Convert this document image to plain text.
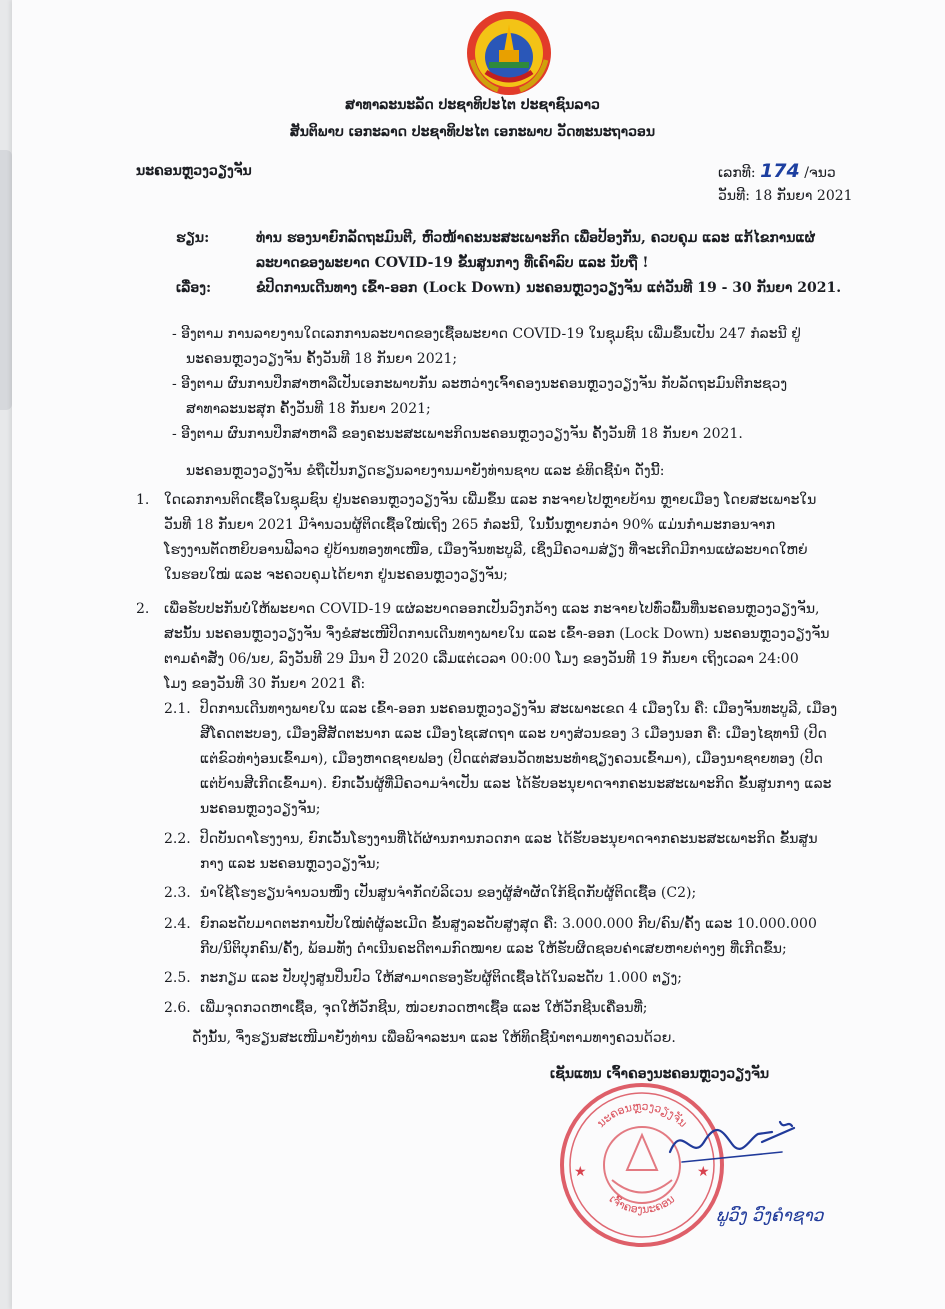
ສາທາລະນະລັດ ປະຊາທິປະໄຕ ປະຊາຊົນລາວ
ສັນຕິພາບ ເອກະລາດ ປະຊາທິປະໄຕ ເອກະພາບ ວັດທະນະຖາວອນ
ນະຄອນຫຼວງວຽງຈັນ	ເລກທີ: 174 /ຈນວ
ວັນທີ: 18 ກັນຍາ 2021
ຮຽນ:	ທ່ານ ຮອງນາຍົກລັດຖະມົນຕີ, ຫົວໜ້າຄະນະສະເພາະກິດ ເພື່ອປ້ອງກັນ, ຄວບຄຸມ ແລະ ແກ້ໄຂການແຜ່
ລະບາດຂອງພະຍາດ COVID-19 ຂັ້ນສູນກາງ ທີ່ເຄົາລົບ ແລະ ນັບຖື !
ເລື່ອງ:	ຂໍປິດການເດີນທາງ ເຂົ້າ-ອອກ (Lock Down) ນະຄອນຫຼວງວຽງຈັນ ແຕ່ວັນທີ 19 - 30 ກັນຍາ 2021.
- ອີງຕາມ ການລາຍງານໃດເລກການລະບາດຂອງເຊື້ອພະຍາດ COVID-19 ໃນຊຸມຊົນ ເພີ່ມຂຶ້ນເປັນ 247 ກໍລະນີ ຢູ່
ນະຄອນຫຼວງວຽງຈັນ ຄັ້ງວັນທີ 18 ກັນຍາ 2021;
- ອີງຕາມ ຜົນການປຶກສາຫາລືເປັນເອກະພາບກັນ ລະຫວ່າງເຈົ້າຄອງນະຄອນຫຼວງວຽງຈັນ ກັບລັດຖະມົນຕີກະຊວງ
ສາທາລະນະສຸກ ຄັ້ງວັນທີ 18 ກັນຍາ 2021;
- ອີງຕາມ ຜົນການປຶກສາຫາລື ຂອງຄະນະສະເພາະກິດນະຄອນຫຼວງວຽງຈັນ ຄັ້ງວັນທີ 18 ກັນຍາ 2021.
ນະຄອນຫຼວງວຽງຈັນ ຂໍຖືເປັນກຽດຮຽນລາຍງານມາຍັງທ່ານຊາບ ແລະ ຂໍທິດຊີ້ນຳ ດັ່ງນີ້:
1. ໃດເລກການຕິດເຊື້ອໃນຊຸມຊົນ ຢູ່ນະຄອນຫຼວງວຽງຈັນ ເພີ່ມຂຶ້ນ ແລະ ກະຈາຍໄປຫຼາຍບ້ານ ຫຼາຍເມືອງ ໂດຍສະເພາະໃນ
ວັນທີ 18 ກັນຍາ 2021 ມີຈຳນວນຜູ້ຕິດເຊື້ອໃໝ່ເຖິງ 265 ກໍລະນີ, ໃນນັ້ນຫຼາຍກວ່າ 90% ແມ່ນກຳມະກອນຈາກ
ໂຮງງານຕັດຫຍິບອານຟີລາວ ຢູ່ບ້ານທອງທາເໜືອ, ເມືອງຈັນທະບູລີ, ເຊິ່ງມີຄວາມສ່ຽງ ທີ່ຈະເກີດມີການແຜ່ລະບາດໃຫຍ່
ໃນຮອບໃໝ່ ແລະ ຈະຄວບຄຸມໄດ້ຍາກ ຢູ່ນະຄອນຫຼວງວຽງຈັນ;
2. ເພື່ອຮັບປະກັນບໍ່ໃຫ້ພະຍາດ COVID-19 ແຜ່ລະບາດອອກເປັນວົງກວ້າງ ແລະ ກະຈາຍໄປທົ່ວພື້ນທີ່ນະຄອນຫຼວງວຽງຈັນ,
ສະນັ້ນ ນະຄອນຫຼວງວຽງຈັນ ຈຶ່ງຂໍສະເໜີປິດການເດີນທາງພາຍໃນ ແລະ ເຂົ້າ-ອອກ (Lock Down) ນະຄອນຫຼວງວຽງຈັນ
ຕາມຄຳສັ່ງ 06/ນຍ, ລົງວັນທີ 29 ມີນາ ປີ 2020 ເລີ່ມແຕ່ເວລາ 00:00 ໂມງ ຂອງວັນທີ 19 ກັນຍາ ເຖິງເວລາ 24:00
ໂມງ ຂອງວັນທີ 30 ກັນຍາ 2021 ຄື:
2.1. ປິດການເດີນທາງພາຍໃນ ແລະ ເຂົ້າ-ອອກ ນະຄອນຫຼວງວຽງຈັນ ສະເພາະເຂດ 4 ເມືອງໃນ ຄື: ເມືອງຈັນທະບູລີ, ເມືອງ
ສີໂຄດຕະບອງ, ເມືອງສີສັດຕະນາກ ແລະ ເມືອງໄຊເສດຖາ ແລະ ບາງສ່ວນຂອງ 3 ເມືອງນອກ ຄື: ເມືອງໄຊທານີ (ປິດ
ແຕ່ຂົວທ່າງ່ອນເຂົ້າມາ), ເມືອງຫາດຊາຍຟອງ (ປິດແຕ່ສອນວັດທະນະທຳຊຽງຄວນເຂົ້າມາ), ເມືອງນາຊາຍທອງ (ປິດ
ແຕ່ບ້ານສີເກີດເຂົ້າມາ). ຍົກເວັ້ນຜູ້ທີ່ມີຄວາມຈຳເປັນ ແລະ ໄດ້ຮັບອະນຸຍາດຈາກຄະນະສະເພາະກິດ ຂັ້ນສູນກາງ ແລະ
ນະຄອນຫຼວງວຽງຈັນ;
2.2. ປິດບັນດາໂຮງງານ, ຍົກເວັ້ນໂຮງງານທີ່ໄດ້ຜ່ານການກວດກາ ແລະ ໄດ້ຮັບອະນຸຍາດຈາກຄະນະສະເພາະກິດ ຂັ້ນສູນ
ກາງ ແລະ ນະຄອນຫຼວງວຽງຈັນ;
2.3. ນຳໃຊ້ໂຮງຮຽນຈຳນວນໜຶ່ງ ເປັນສູນຈຳກັດບໍລິເວນ ຂອງຜູ້ສຳຜັດໃກ້ຊິດກັບຜູ້ຕິດເຊື້ອ (C2);
2.4. ຍົກລະດັບມາດຕະການປັບໃໝ່ຕໍ່ຜູ້ລະເມີດ ຂັ້ນສູງລະດັບສູງສຸດ ຄື: 3.000.000 ກີບ/ຄົນ/ຄັ້ງ ແລະ 10.000.000
ກີບ/ນິຕິບຸກຄົນ/ຄັ້ງ, ພ້ອມທັງ ດຳເນີນຄະດີຕາມກົດໝາຍ ແລະ ໃຫ້ຮັບຜິດຊອບຄ່າເສຍຫາຍຕ່າງໆ ທີ່ເກີດຂຶ້ນ;
2.5. ກະກຽມ ແລະ ປັບປຸງສູນປິ່ນປົວ ໃຫ້ສາມາດຮອງຮັບຜູ້ຕິດເຊື້ອໄດ້ໃນລະດັບ 1.000 ຕຽງ;
2.6. ເພີ່ມຈຸດກວດຫາເຊື້ອ, ຈຸດໃຫ້ວັກຊີນ, ໜ່ວຍກວດຫາເຊື້ອ ແລະ ໃຫ້ວັກຊີນເຄື່ອນທີ່;
ດັ່ງນັ້ນ, ຈຶ່ງຮຽນສະເໜີມາຍັງທ່ານ ເພື່ອພິຈາລະນາ ແລະ ໃຫ້ທິດຊີ້ນຳຕາມທາງຄວນດ້ວຍ.
ເຊັນແທນ ເຈົ້າຄອງນະຄອນຫຼວງວຽງຈັນ
ນະຄອນຫຼວງວຽງຈັນ
ເຈົ້າຄອງນະຄອນ
★	★
ພູວົງ ວົງຄຳຊາວ
